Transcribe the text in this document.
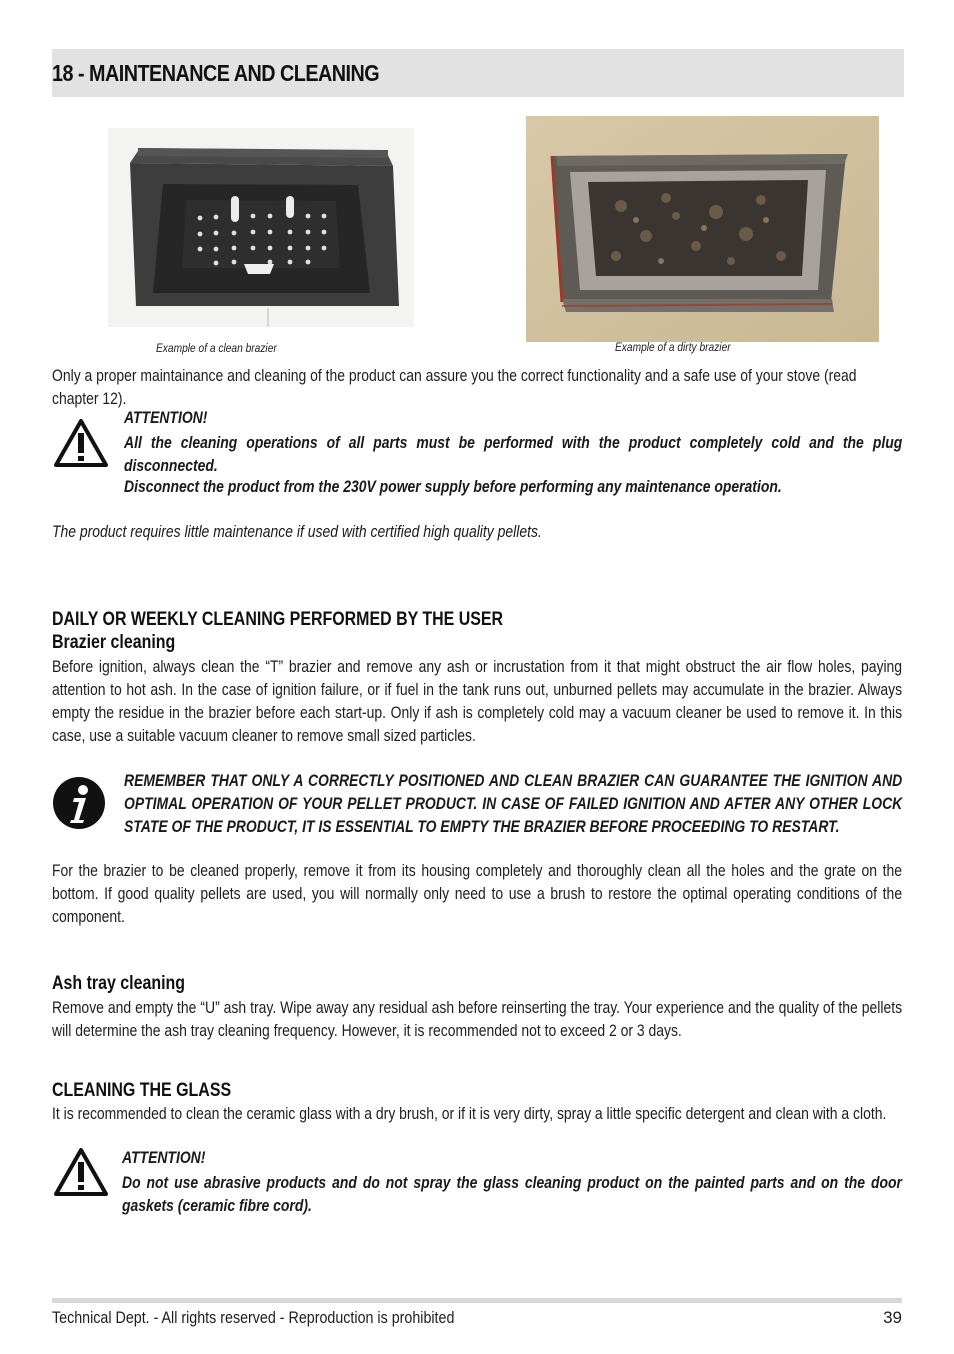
18 - MAINTENANCE AND CLEANING
Example of a clean brazier	Example of a dirty brazier
Only a proper maintainance and cleaning of the product can assure you the correct functionality and a safe use of your stove (read chapter 12).
ATTENTION!
All the cleaning operations of all parts must be performed with the product completely cold and the plug disconnected.
Disconnect the product from the 230V power supply before performing any maintenance operation.
The product requires little maintenance if used with certified high quality pellets.
DAILY OR WEEKLY CLEANING PERFORMED BY THE USER
Brazier cleaning
Before ignition, always clean the “T” brazier and remove any ash or incrustation from it that might obstruct the air flow holes, paying attention to hot ash. In the case of ignition failure, or if fuel in the tank runs out, unburned pellets may accumulate in the brazier. Always empty the residue in the brazier before each start-up. Only if ash is completely cold may a vacuum cleaner be used to remove it. In this case, use a suitable vacuum cleaner to remove small sized particles.
REMEMBER THAT ONLY A CORRECTLY POSITIONED AND CLEAN BRAZIER CAN GUARANTEE THE IGNITION AND OPTIMAL OPERATION OF YOUR PELLET PRODUCT. IN CASE OF FAILED IGNITION AND AFTER ANY OTHER LOCK STATE OF THE PRODUCT, IT IS ESSENTIAL TO EMPTY THE BRAZIER BEFORE PROCEEDING TO RESTART.
For the brazier to be cleaned properly, remove it from its housing completely and thoroughly clean all the holes and the grate on the bottom. If good quality pellets are used, you will normally only need to use a brush to restore the optimal operating conditions of the component.
Ash tray cleaning
Remove and empty the “U” ash tray. Wipe away any residual ash before reinserting the tray. Your experience and the quality of the pellets will determine the ash tray cleaning frequency. However, it is recommended not to exceed 2 or 3 days.
CLEANING THE GLASS
It is recommended to clean the ceramic glass with a dry brush, or if it is very dirty, spray a little specific detergent and clean with a cloth.
ATTENTION!
Do not use abrasive products and do not spray the glass cleaning product on the painted parts and on the door gaskets (ceramic fibre cord).
Technical Dept. - All rights reserved - Reproduction is prohibited	39
